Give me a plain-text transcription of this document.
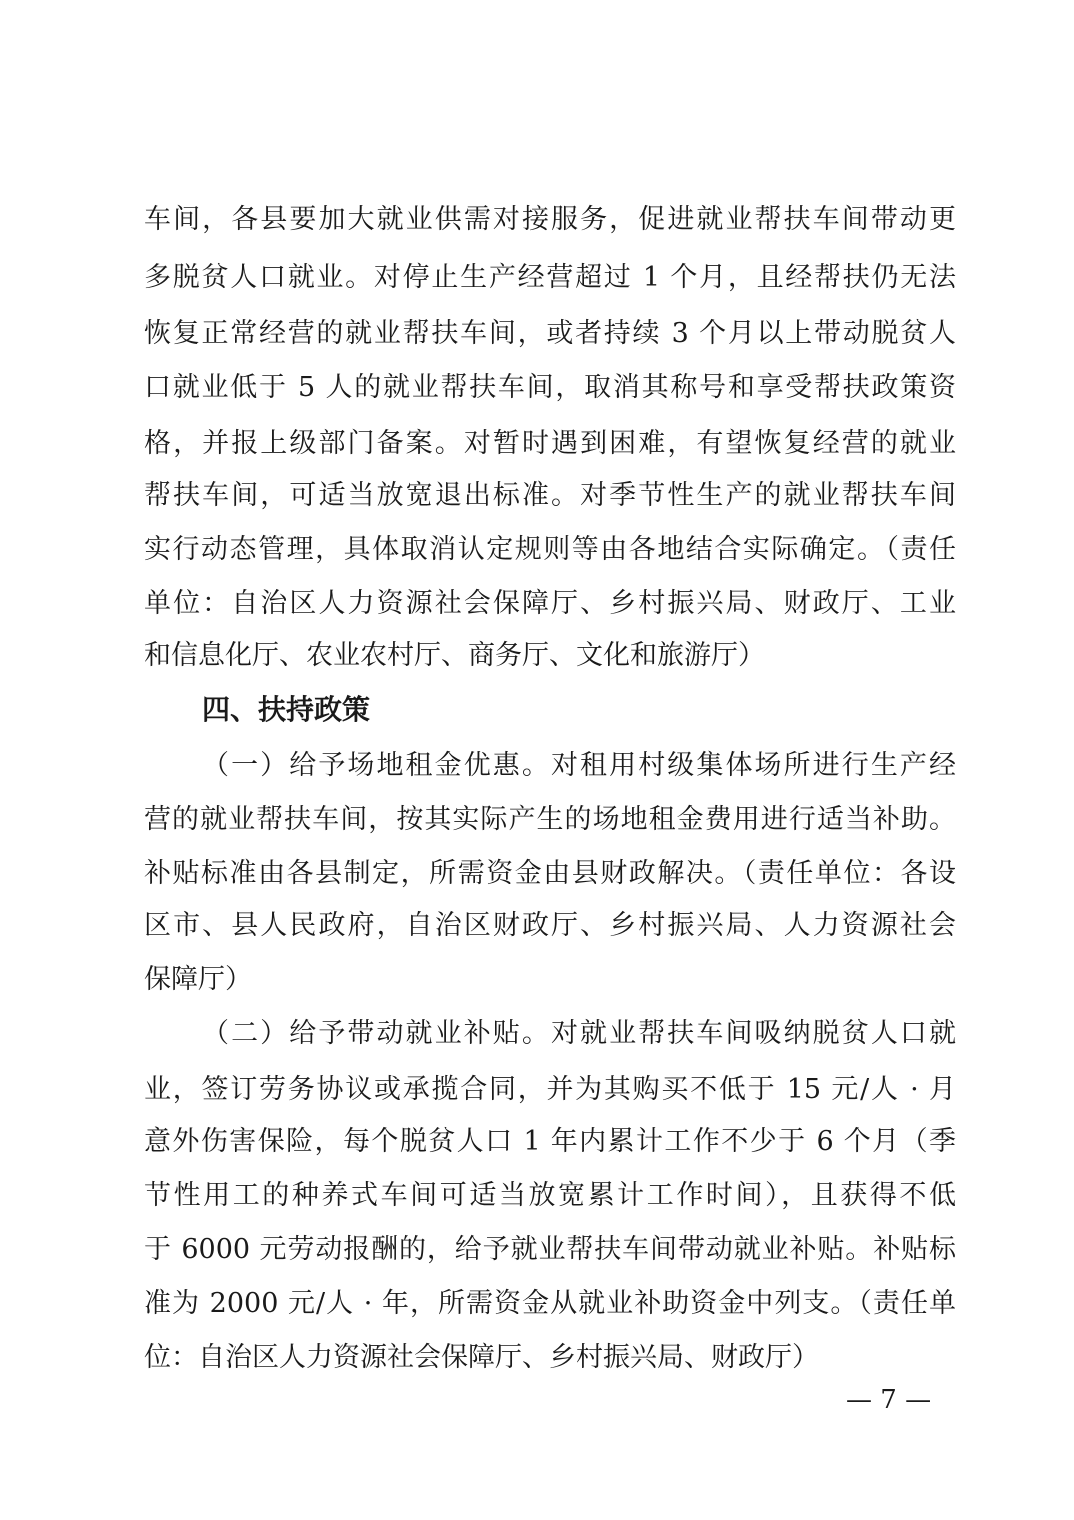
车间，各县要加大就业供需对接服务，促进就业帮扶车间带动更
多脱贫人口就业。对停止生产经营超过 1 个月，且经帮扶仍无法
恢复正常经营的就业帮扶车间，或者持续 3 个月以上带动脱贫人
口就业低于 5 人的就业帮扶车间，取消其称号和享受帮扶政策资
格，并报上级部门备案。对暂时遇到困难，有望恢复经营的就业
帮扶车间，可适当放宽退出标准。对季节性生产的就业帮扶车间
实行动态管理，具体取消认定规则等由各地结合实际确定。（责任
单位：自治区人力资源社会保障厅、乡村振兴局、财政厅、工业
和信息化厅、农业农村厅、商务厅、文化和旅游厅）
四、扶持政策
（一）给予场地租金优惠。对租用村级集体场所进行生产经
营的就业帮扶车间，按其实际产生的场地租金费用进行适当补助。
补贴标准由各县制定，所需资金由县财政解决。（责任单位：各设
区市、县人民政府，自治区财政厅、乡村振兴局、人力资源社会
保障厅）
（二）给予带动就业补贴。对就业帮扶车间吸纳脱贫人口就
业，签订劳务协议或承揽合同，并为其购买不低于 15 元/人 · 月
意外伤害保险，每个脱贫人口 1 年内累计工作不少于 6 个月（季
节性用工的种养式车间可适当放宽累计工作时间），且获得不低
于 6000 元劳动报酬的，给予就业帮扶车间带动就业补贴。补贴标
准为 2000 元/人 · 年，所需资金从就业补助资金中列支。（责任单
位：自治区人力资源社会保障厅、乡村振兴局、财政厅）
— 7 —
